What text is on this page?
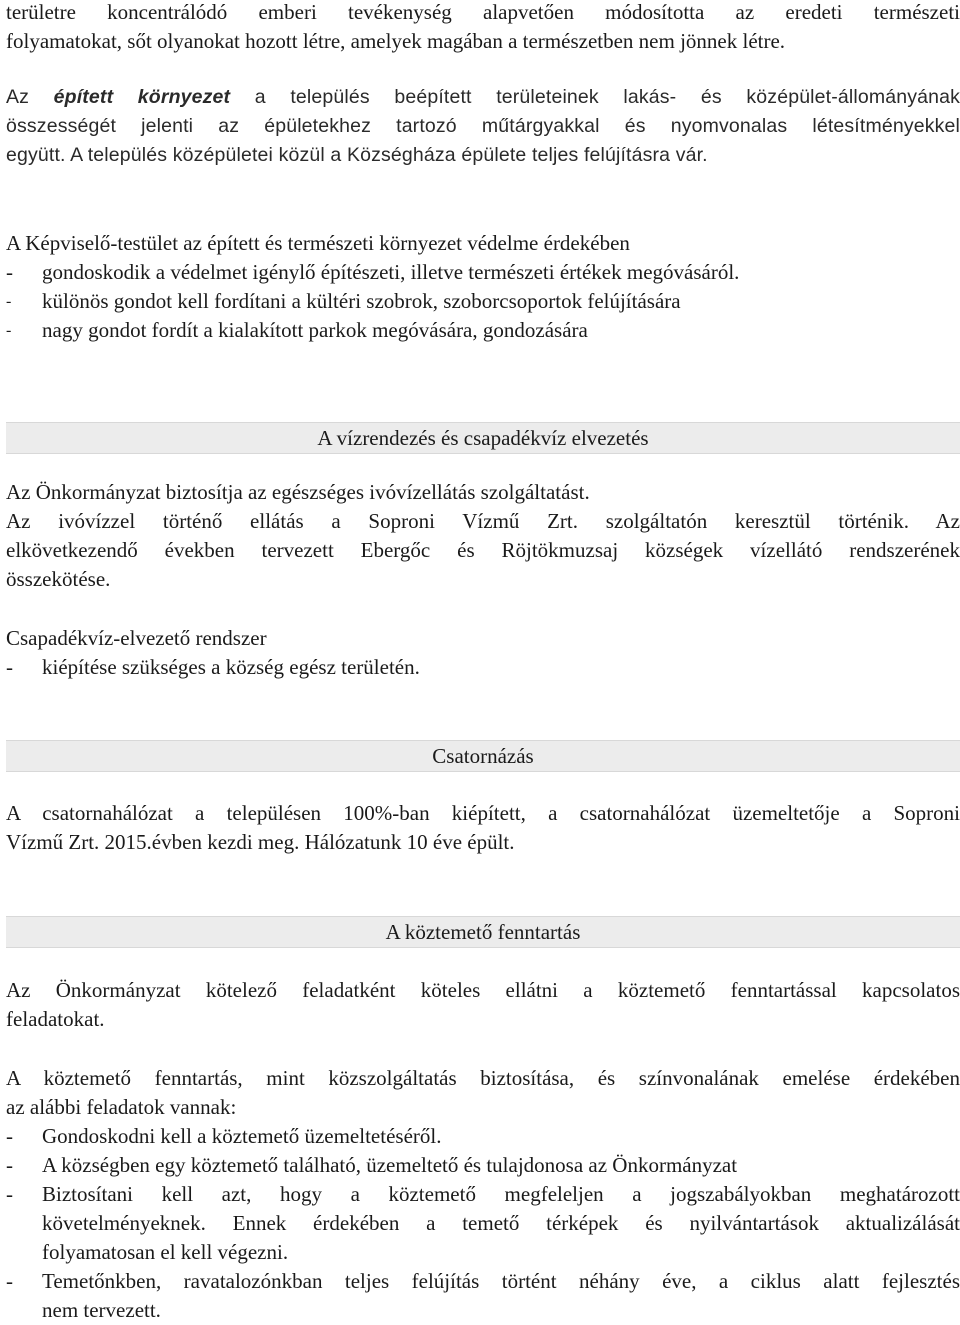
területre koncentrálódó emberi tevékenység alapvetően módosította az eredeti természeti
folyamatokat, sőt olyanokat hozott létre, amelyek magában a természetben nem jönnek létre.
Az épített környezet a település beépített területeinek lakás- és középület-állományának
összességét jelenti az épületekhez tartozó műtárgyakkal és nyomvonalas létesítményekkel
együtt. A település középületei közül a Községháza épülete teljes felújításra vár.
A Képviselő-testület az épített és természeti környezet védelme érdekében
- gondoskodik a védelmet igénylő építészeti, illetve természeti értékek megóvásáról.
- különös gondot kell fordítani a kültéri szobrok, szoborcsoportok felújítására
- nagy gondot fordít a kialakított parkok megóvására, gondozására
A vízrendezés és csapadékvíz elvezetés
Az Önkormányzat biztosítja az egészséges ivóvízellátás szolgáltatást.
Az ivóvízzel történő ellátás a Soproni Vízmű Zrt. szolgáltatón keresztül történik. Az
elkövetkezendő években tervezett Ebergőc és Röjtökmuzsaj községek vízellátó rendszerének
összekötése.
Csapadékvíz-elvezető rendszer
- kiépítése szükséges a község egész területén.
Csatornázás
A csatornahálózat a településen 100%-ban kiépített, a csatornahálózat üzemeltetője a Soproni
Vízmű Zrt. 2015.évben kezdi meg. Hálózatunk 10 éve épült.
A köztemető fenntartás
Az Önkormányzat kötelező feladatként köteles ellátni a köztemető fenntartással kapcsolatos
feladatokat.
A köztemető fenntartás, mint közszolgáltatás biztosítása, és színvonalának emelése érdekében
az alábbi feladatok vannak:
- Gondoskodni kell a köztemető üzemeltetéséről.
- A községben egy köztemető található, üzemeltető és tulajdonosa az Önkormányzat
- Biztosítani kell azt, hogy a köztemető megfeleljen a jogszabályokban meghatározott
követelményeknek. Ennek érdekében a temető térképek és nyilvántartások aktualizálását
folyamatosan el kell végezni.
- Temetőnkben, ravatalozónkban teljes felújítás történt néhány éve, a ciklus alatt fejlesztés
nem tervezett.
